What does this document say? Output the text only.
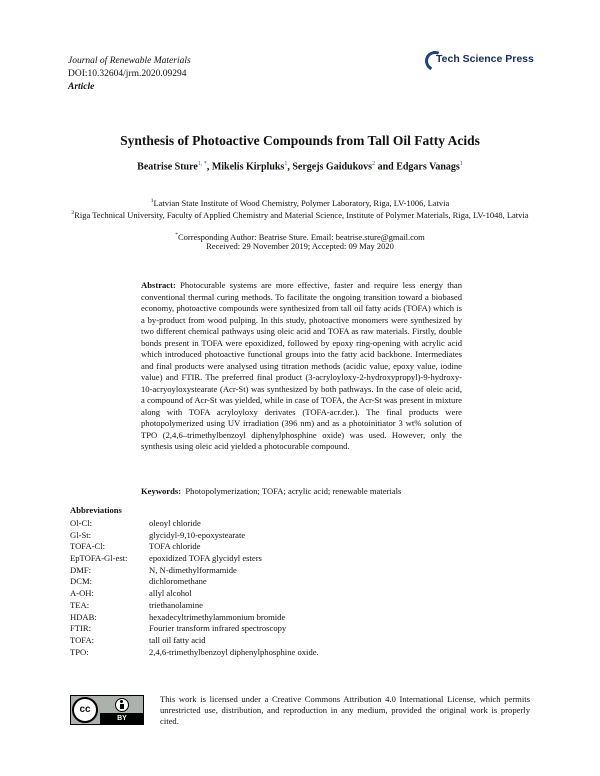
Journal of Renewable Materials
DOI:10.32604/jrm.2020.09294
Article
Tech Science Press
Synthesis of Photoactive Compounds from Tall Oil Fatty Acids
Beatrise Sture$^{1, *}$, Mikelis Kirpluks$^1$, Sergejs Gaidukovs$^2$ and Edgars Vanags$^1$
$^1$Latvian State Institute of Wood Chemistry, Polymer Laboratory, Riga, LV-1006, Latvia
$^2$Riga Technical University, Faculty of Applied Chemistry and Material Science, Institute of Polymer Materials, Riga, LV-1048, Latvia
*Corresponding Author: Beatrise Sture. Email: beatrise.sture@gmail.com
Received: 29 November 2019; Accepted: 09 May 2020
Abstract: Photocurable systems are more effective, faster and require less energy than conventional thermal curing methods. To facilitate the ongoing transition toward a biobased economy, photoactive compounds were synthesized from tall oil fatty acids (TOFA) which is a by-product from wood pulping. In this study, photoactive monomers were synthesized by two different chemical pathways using oleic acid and TOFA as raw materials. Firstly, double bonds present in TOFA were epoxidized, followed by epoxy ring-opening with acrylic acid which introduced photoactive functional groups into the fatty acid backbone. Intermediates and final products were analysed using titration methods (acidic value, epoxy value, iodine value) and FTIR. The preferred final product (3-acryloyloxy-2-hydroxypropyl)-9-hydroxy-10-acryoyloxystearate (Acr-St) was synthesized by both pathways. In the case of oleic acid, a compound of Acr-St was yielded, while in case of TOFA, the Acr-St was present in mixture along with TOFA acryloyloxy derivates (TOFA-acr.der.). The final products were photopolymerized using UV irradiation (396 nm) and as a photoinitiator 3 wt% solution of TPO (2,4,6–trimethylbenzoyl diphenylphosphine oxide) was used. However, only the synthesis using oleic acid yielded a photocurable compound.
Keywords: Photopolymerization; TOFA; acrylic acid; renewable materials
Abbreviations
Ol-Cl:	oleoyl chloride
Gl-St:	glycidyl-9,10-epoxystearate
TOFA-Cl:	TOFA chloride
EpTOFA-Gl-est:	epoxidized TOFA glycidyl esters
DMF:	N, N-dimethylformamide
DCM:	dichloromethane
A-OH:	allyl alcohol
TEA:	triethanolamine
HDAB:	hexadecyltrimethylammonium bromide
FTIR:	Fourier transform infrared spectroscopy
TOFA:	tall oil fatty acid
TPO:	2,4,6-trimethylbenzoyl diphenylphosphine oxide.
cc
BY
This work is licensed under a Creative Commons Attribution 4.0 International License, which permits unrestricted use, distribution, and reproduction in any medium, provided the original work is properly cited.
